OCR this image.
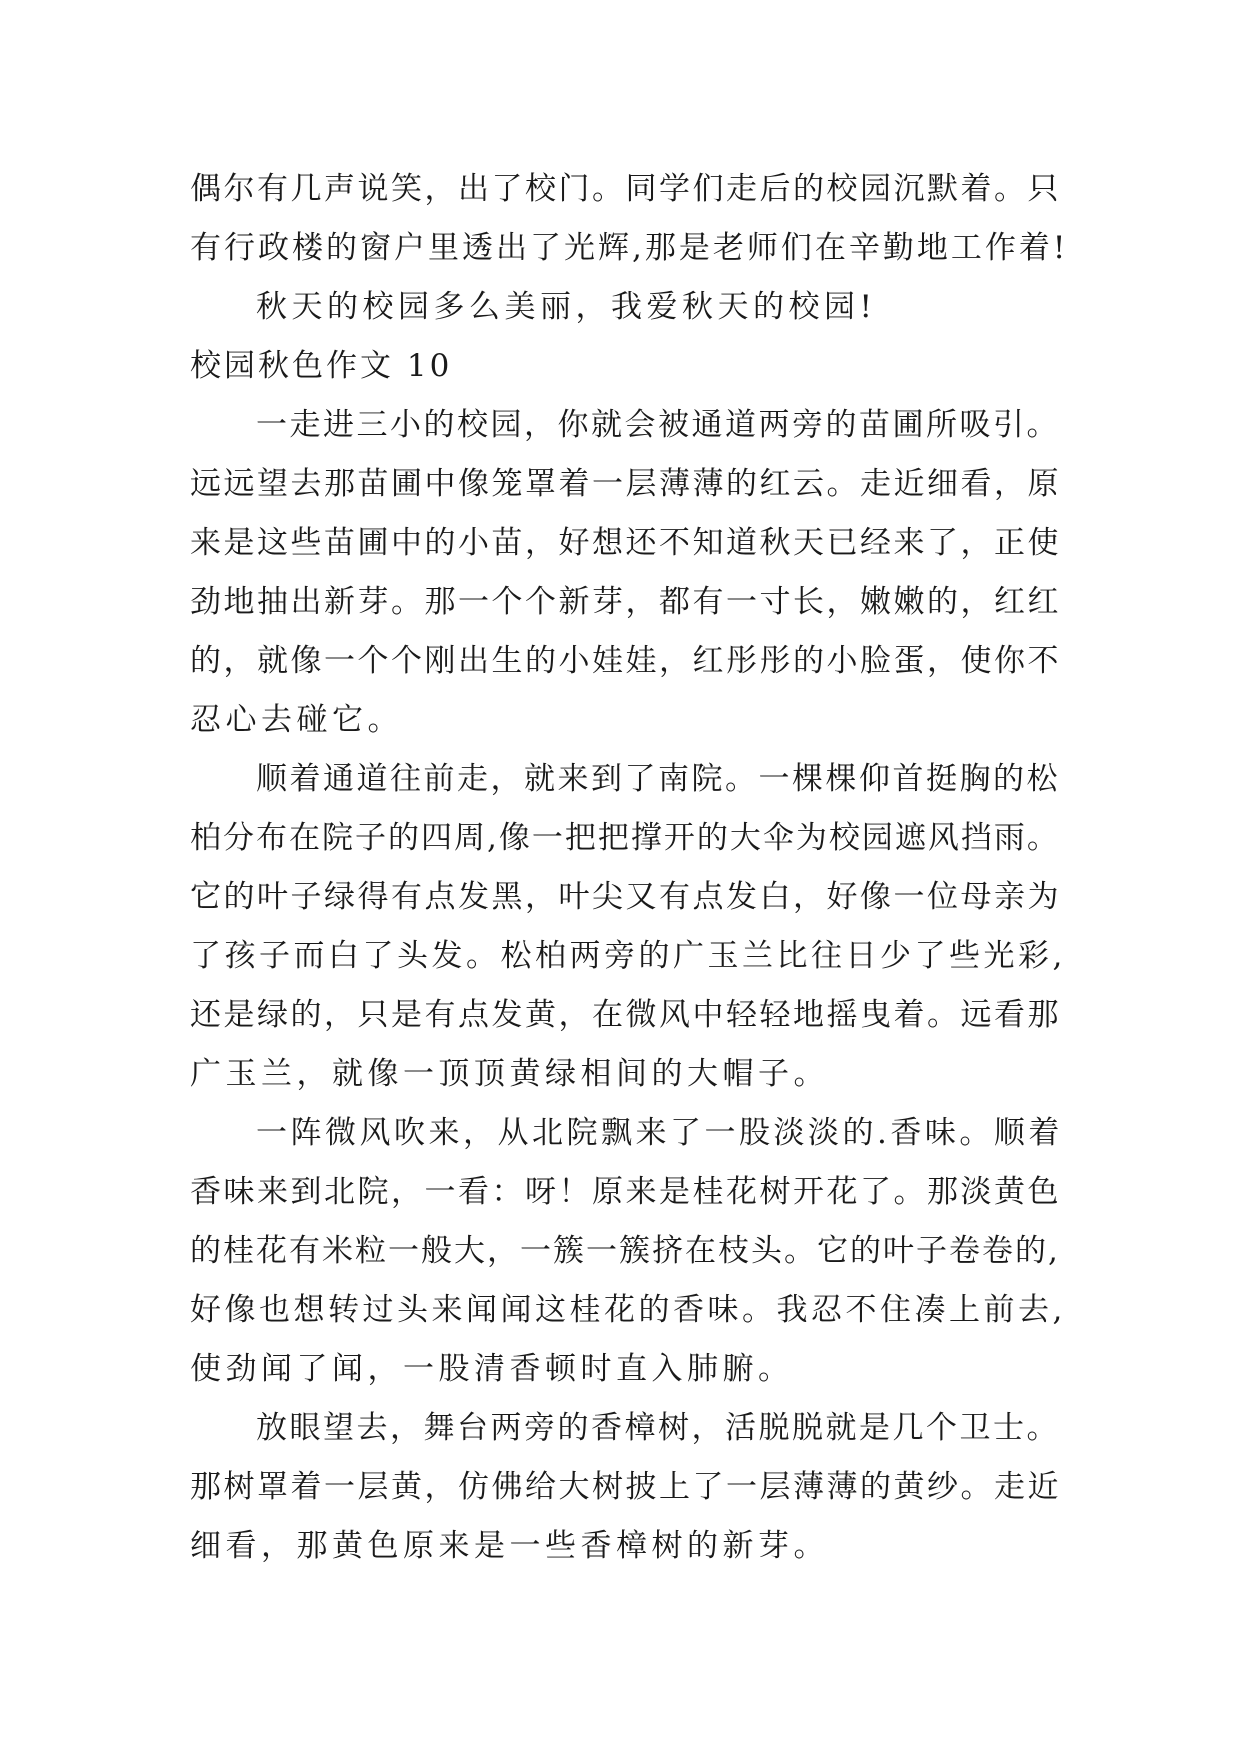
偶尔有几声说笑，出了校门。同学们走后的校园沉默着。只
有行政楼的窗户里透出了光辉,那是老师们在辛勤地工作着!
秋天的校园多么美丽，我爱秋天的校园!
校园秋色作文 10
一走进三小的校园，你就会被通道两旁的苗圃所吸引。
远远望去那苗圃中像笼罩着一层薄薄的红云。走近细看，原
来是这些苗圃中的小苗，好想还不知道秋天已经来了，正使
劲地抽出新芽。那一个个新芽，都有一寸长，嫩嫩的，红红
的，就像一个个刚出生的小娃娃，红彤彤的小脸蛋，使你不
忍心去碰它。
顺着通道往前走，就来到了南院。一棵棵仰首挺胸的松
柏分布在院子的四周,像一把把撑开的大伞为校园遮风挡雨。
它的叶子绿得有点发黑，叶尖又有点发白，好像一位母亲为
了孩子而白了头发。松柏两旁的广玉兰比往日少了些光彩,
还是绿的，只是有点发黄，在微风中轻轻地摇曳着。远看那
广玉兰，就像一顶顶黄绿相间的大帽子。
一阵微风吹来，从北院飘来了一股淡淡的.香味。顺着
香味来到北院，一看：呀！原来是桂花树开花了。那淡黄色
的桂花有米粒一般大，一簇一簇挤在枝头。它的叶子卷卷的,
好像也想转过头来闻闻这桂花的香味。我忍不住凑上前去,
使劲闻了闻，一股清香顿时直入肺腑。
放眼望去，舞台两旁的香樟树，活脱脱就是几个卫士。
那树罩着一层黄，仿佛给大树披上了一层薄薄的黄纱。走近
细看，那黄色原来是一些香樟树的新芽。
